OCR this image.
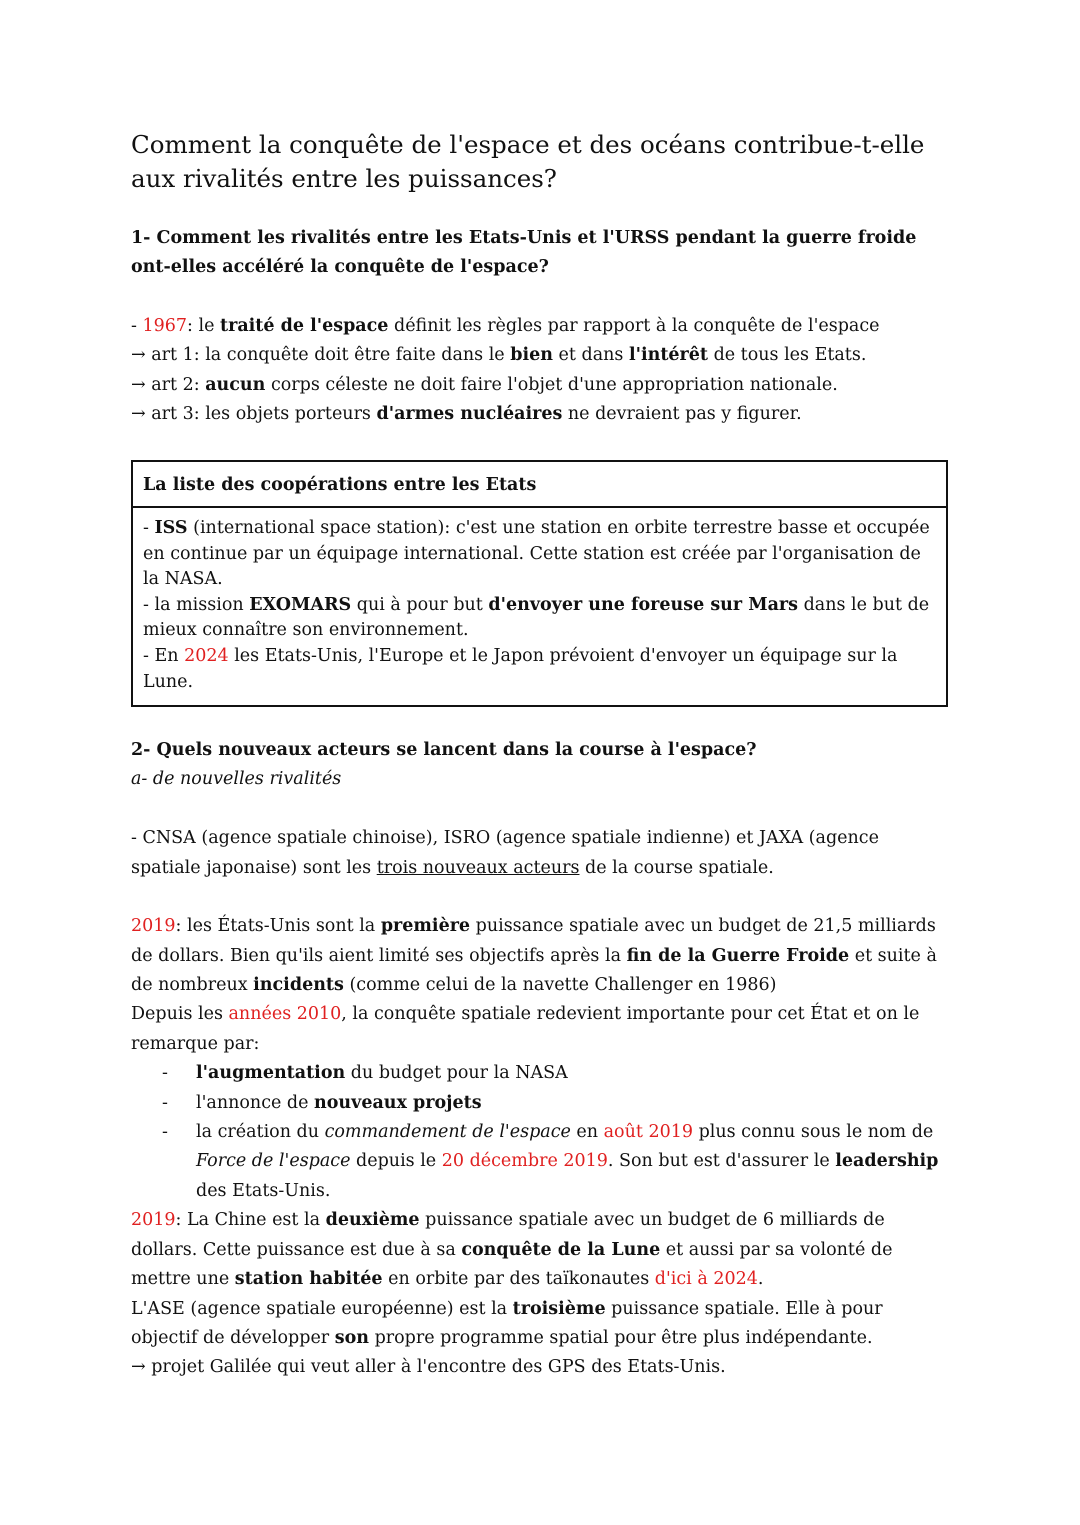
Comment la conquête de l'espace et des océans contribue-t-elle aux rivalités entre les puissances?
1- Comment les rivalités entre les Etats-Unis et l'URSS pendant la guerre froide ont-elles accéléré la conquête de l'espace?

- 1967: le traité de l'espace définit les règles par rapport à la conquête de l'espace

→ art 1: la conquête doit être faite dans le bien et dans l'intérêt de tous les Etats.

→ art 2: aucun corps céleste ne doit faire l'objet d'une appropriation nationale.

→ art 3: les objets porteurs d'armes nucléaires ne devraient pas y figurer.

La liste des coopérations entre les Etats

- ISS (international space station): c'est une station en orbite terrestre basse et occupée en continue par un équipage international. Cette station est créée par l'organisation de la NASA.

- la mission EXOMARS qui à pour but d'envoyer une foreuse sur Mars dans le but de mieux connaître son environnement.

- En 2024 les Etats-Unis, l'Europe et le Japon prévoient d'envoyer un équipage sur la Lune.

2- Quels nouveaux acteurs se lancent dans la course à l'espace?

a- de nouvelles rivalités

- CNSA (agence spatiale chinoise), ISRO (agence spatiale indienne) et JAXA (agence spatiale japonaise) sont les trois nouveaux acteurs de la course spatiale.

2019: les États-Unis sont la première puissance spatiale avec un budget de 21,5 milliards de dollars. Bien qu'ils aient limité ses objectifs après la fin de la Guerre Froide et suite à de nombreux incidents (comme celui de la navette Challenger en 1986)

Depuis les années 2010, la conquête spatiale redevient importante pour cet État et on le remarque par:

- l'augmentation du budget pour la NASA
- l'annonce de nouveaux projets
- la création du commandement de l'espace en août 2019 plus connu sous le nom de Force de l'espace depuis le 20 décembre 2019. Son but est d'assurer le leadership des Etats-Unis.

2019: La Chine est la deuxième puissance spatiale avec un budget de 6 milliards de dollars. Cette puissance est due à sa conquête de la Lune et aussi par sa volonté de mettre une station habitée en orbite par des taïkonautes d'ici à 2024.

L'ASE (agence spatiale européenne) est la troisième puissance spatiale. Elle à pour objectif de développer son propre programme spatial pour être plus indépendante.

→ projet Galilée qui veut aller à l'encontre des GPS des Etats-Unis.
